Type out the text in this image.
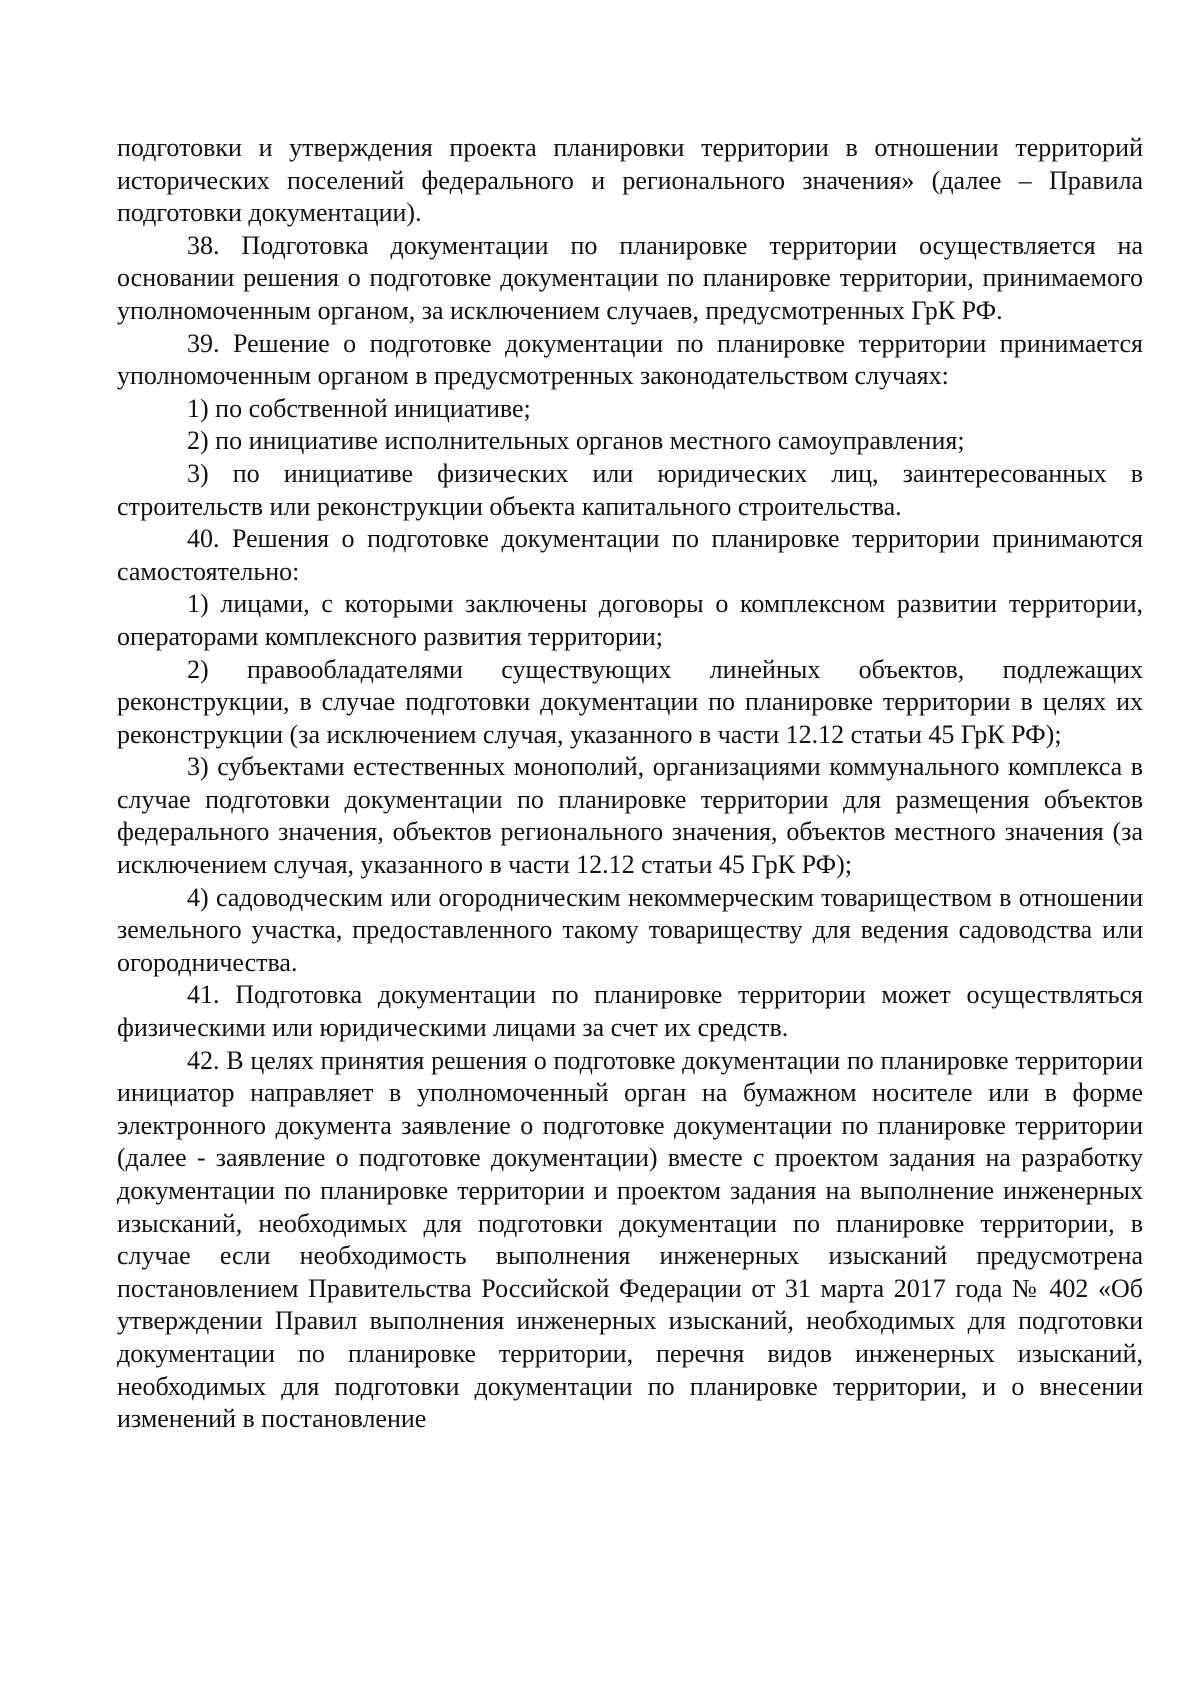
подготовки и утверждения проекта планировки территории в отношении территорий исторических поселений федерального и регионального значения» (далее – Правила подготовки документации).

38. Подготовка документации по планировке территории осуществляется на основании решения о подготовке документации по планировке территории, принимаемого уполномоченным органом, за исключением случаев, предусмотренных ГрК РФ.

39. Решение о подготовке документации по планировке территории принимается уполномоченным органом в предусмотренных законодательством случаях:

1) по собственной инициативе;

2) по инициативе исполнительных органов местного самоуправления;

3) по инициативе физических или юридических лиц, заинтересованных в строительств или реконструкции объекта капитального строительства.

40. Решения о подготовке документации по планировке территории принимаются самостоятельно:

1) лицами, с которыми заключены договоры о комплексном развитии территории, операторами комплексного развития территории;

2) правообладателями существующих линейных объектов, подлежащих реконструкции, в случае подготовки документации по планировке территории в целях их реконструкции (за исключением случая, указанного в части 12.12 статьи 45 ГрК РФ);

3) субъектами естественных монополий, организациями коммунального комплекса в случае подготовки документации по планировке территории для размещения объектов федерального значения, объектов регионального значения, объектов местного значения (за исключением случая, указанного в части 12.12 статьи 45 ГрК РФ);

4) садоводческим или огородническим некоммерческим товариществом в отношении земельного участка, предоставленного такому товариществу для ведения садоводства или огородничества.

41. Подготовка документации по планировке территории может осуществляться физическими или юридическими лицами за счет их средств.

42. В целях принятия решения о подготовке документации по планировке территории инициатор направляет в уполномоченный орган на бумажном носителе или в форме электронного документа заявление о подготовке документации по планировке территории (далее - заявление о подготовке документации) вместе с проектом задания на разработку документации по планировке территории и проектом задания на выполнение инженерных изысканий, необходимых для подготовки документации по планировке территории, в случае если необходимость выполнения инженерных изысканий предусмотрена постановлением Правительства Российской Федерации от 31 марта 2017 года № 402 «Об утверждении Правил выполнения инженерных изысканий, необходимых для подготовки документации по планировке территории, перечня видов инженерных изысканий, необходимых для подготовки документации по планировке территории, и о внесении изменений в постановление
